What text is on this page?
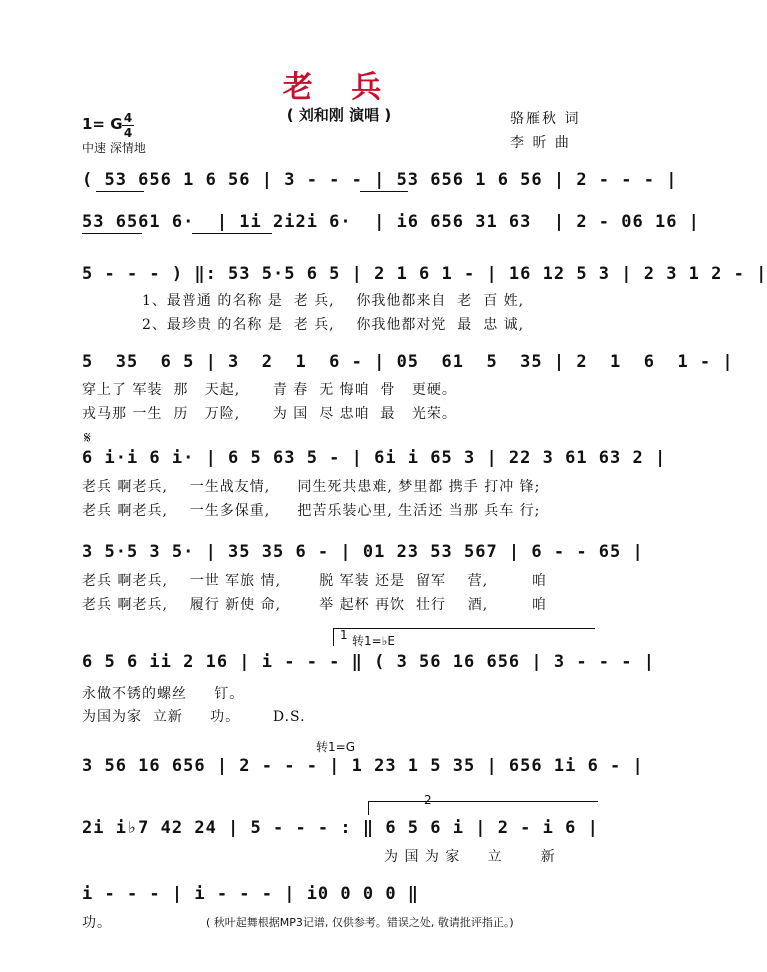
老 兵
( 刘和刚 演唱 )
1= G 4
4
中速 深情地
骆雁秋 词
李 昕 曲
( 53 656 1 6 56 | 3 - - - | 53 656 1 6 56 | 2 - - - |
53 6561 6·  | 1i 2i2i 6·  | i6 656 31 63  | 2 - 06 16 |
5 - - - ) ‖: 53 5·5 6 5 | 2 1 6 1 - | 16 12 5 3 | 2 3 1 2 - |
1、最普通 的名称 是  老 兵,    你我他都来自  老  百 姓,
2、最珍贵 的名称 是  老 兵,    你我他都对党  最  忠 诚,
5  35  6 5 | 3  2  1  6 - | 05  61  5  35 | 2  1  6  1 - |
穿上了 军装  那   天起,      青 春  无 悔咱  骨   更硬。
戎马那 一生  历   万险,      为 国  尽 忠咱  最   光荣。
𝄋
6 i·i 6 i· | 6 5 63 5 - | 6i i 65 3 | 22 3 61 63 2 |
老兵 啊老兵,    一生战友情,     同生死共患难, 梦里都 携手 打冲 锋;
老兵 啊老兵,    一生多保重,     把苦乐装心里, 生活还 当那 兵车 行;
3 5·5 3 5· | 35 35 6 - | 01 23 53 567 | 6 - - 65 |
老兵 啊老兵,    一世 军旅 情,       脱 军装 还是  留军    营,        咱
老兵 啊老兵,    履行 新使 命,       举 起杯 再饮  壮行    酒,        咱
1 转1=♭E
6 5 6 ii 2 16 | i - - - ‖ ( 3 56 16 656 | 3 - - - |
永做不锈的螺丝     钉。
为国为家  立新     功。      D.S.
转1=G
3 56 16 656 | 2 - - - | 1 23 1 5 35 | 656 1i 6 - |
2
2i i♭7 42 24 | 5 - - - : ‖ 6 5 6 i | 2 - i 6 |
为 国 为 家     立       新
i - - - | i - - - | i0 0 0 0 ‖
功。	( 秋叶起舞根据MP3记谱, 仅供参考。错误之处, 敬请批评指正。)
